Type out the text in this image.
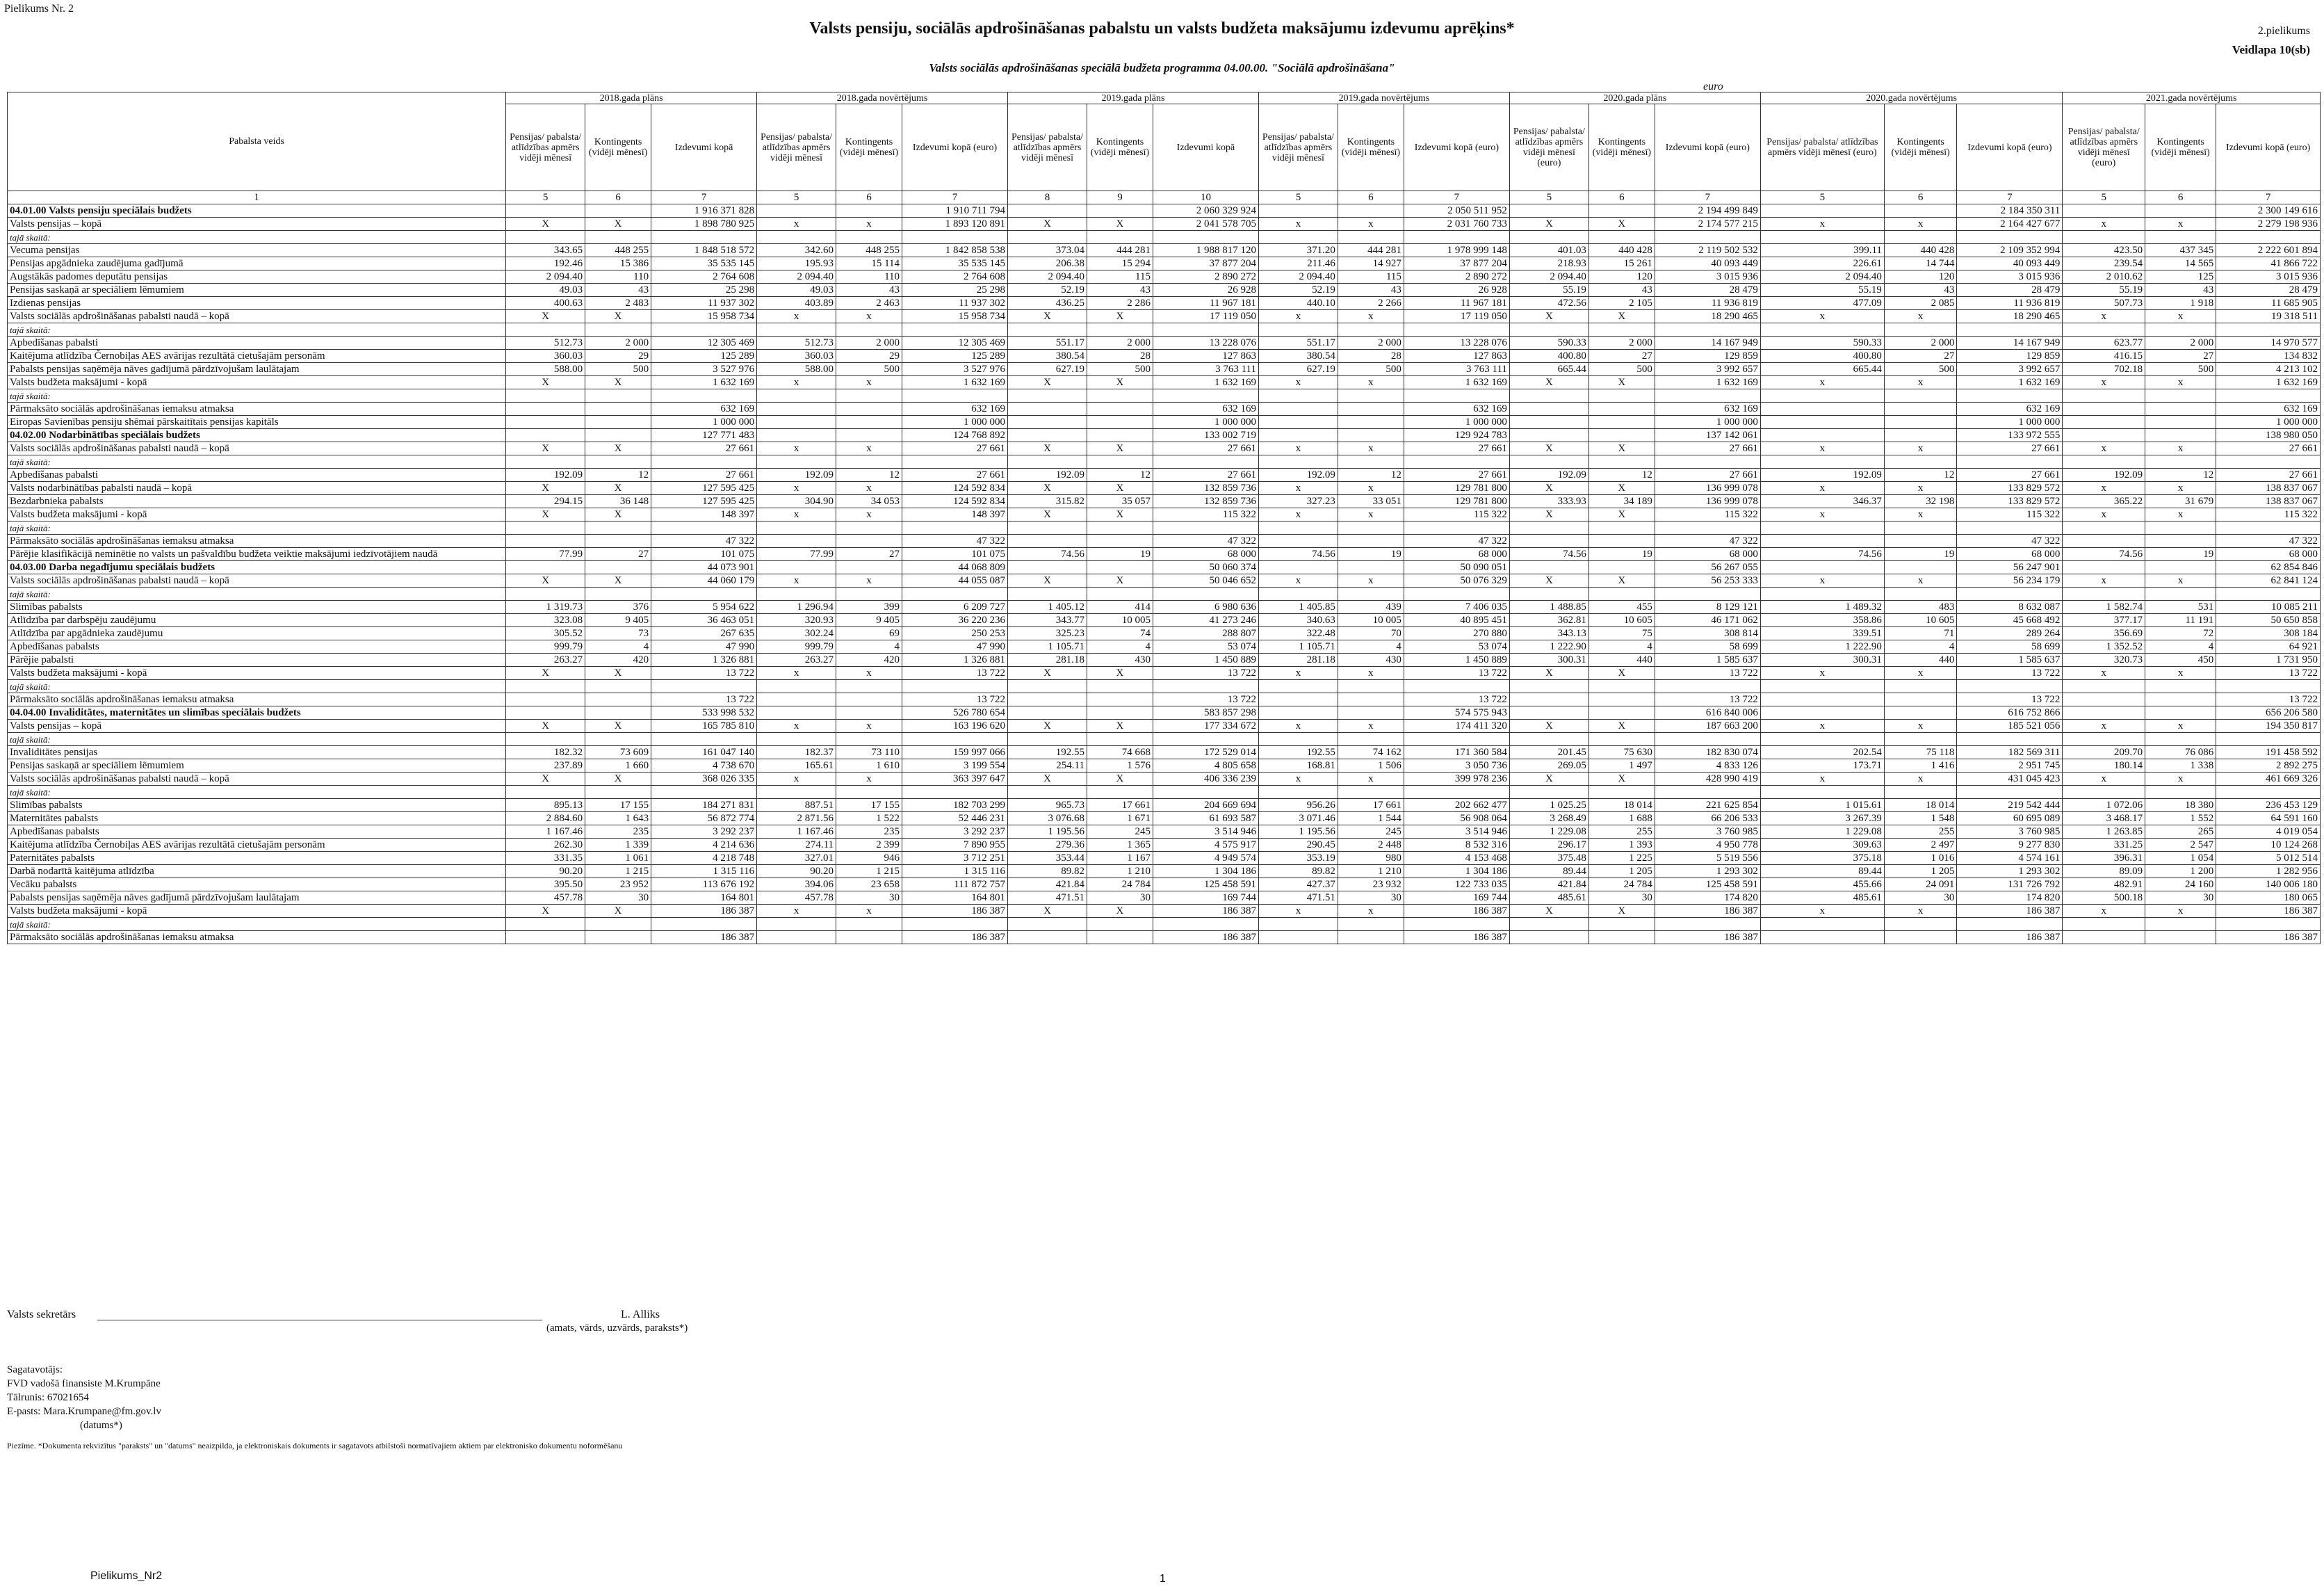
Pielikums Nr. 2
Valsts pensiju, sociālās apdrošināšanas pabalstu un valsts budžeta maksājumu izdevumu aprēķins*	2.pielikums
Veidlapa 10(sb)
Valsts sociālās apdrošināšanas speciālā budžeta programma 04.00.00. "Sociālā apdrošināšana"
euro
Pabalsta veids	2018.gada plāns			2018.gada novērtējums			2019.gada plāns			2019.gada novērtējums			2020.gada plāns			2020.gada novērtējums			2021.gada novērtējums		
	Pensijas/ pabalsta/ atlīdzības apmērs vidēji mēnesī	Kontingents (vidēji mēnesī)	Izdevumi kopā	Pensijas/ pabalsta/ atlīdzības apmērs vidēji mēnesī	Kontingents (vidēji mēnesī)	Izdevumi kopā (euro)	Pensijas/ pabalsta/ atlīdzības apmērs vidēji mēnesī	Kontingents (vidēji mēnesī)	Izdevumi kopā	Pensijas/ pabalsta/ atlīdzības apmērs vidēji mēnesī	Kontingents (vidēji mēnesī)	Izdevumi kopā (euro)	Pensijas/ pabalsta/ atlīdzības apmērs vidēji mēnesī (euro)	Kontingents (vidēji mēnesī)	Izdevumi kopā (euro)	Pensijas/ pabalsta/ atlīdzības apmērs vidēji mēnesī (euro)	Kontingents (vidēji mēnesī)	Izdevumi kopā (euro)	Pensijas/ pabalsta/ atlīdzības apmērs vidēji mēnesī (euro)	Kontingents (vidēji mēnesī)	Izdevumi kopā (euro)
1	5	6	7	5	6	7	8	9	10	5	6	7	5	6	7	5	6	7	5	6	7
04.01.00 Valsts pensiju speciālais budžets			1 916 371 828			1 910 711 794			2 060 329 924			2 050 511 952			2 194 499 849			2 184 350 311			2 300 149 616
Valsts pensijas – kopā	X	X	1 898 780 925	x	x	1 893 120 891	X	X	2 041 578 705	x	x	2 031 760 733	X	X	2 174 577 215	x	x	2 164 427 677	x	x	2 279 198 936
tajā skaitā:																					
Vecuma pensijas	343.65	448 255	1 848 518 572	342.60	448 255	1 842 858 538	373.04	444 281	1 988 817 120	371.20	444 281	1 978 999 148	401.03	440 428	2 119 502 532	399.11	440 428	2 109 352 994	423.50	437 345	2 222 601 894
Pensijas apgādnieka zaudējuma gadījumā	192.46	15 386	35 535 145	195.93	15 114	35 535 145	206.38	15 294	37 877 204	211.46	14 927	37 877 204	218.93	15 261	40 093 449	226.61	14 744	40 093 449	239.54	14 565	41 866 722
Augstākās padomes deputātu pensijas	2 094.40	110	2 764 608	2 094.40	110	2 764 608	2 094.40	115	2 890 272	2 094.40	115	2 890 272	2 094.40	120	3 015 936	2 094.40	120	3 015 936	2 010.62	125	3 015 936
Pensijas saskaņā ar speciāliem lēmumiem	49.03	43	25 298	49.03	43	25 298	52.19	43	26 928	52.19	43	26 928	55.19	43	28 479	55.19	43	28 479	55.19	43	28 479
Izdienas pensijas	400.63	2 483	11 937 302	403.89	2 463	11 937 302	436.25	2 286	11 967 181	440.10	2 266	11 967 181	472.56	2 105	11 936 819	477.09	2 085	11 936 819	507.73	1 918	11 685 905
Valsts sociālās apdrošināšanas pabalsti naudā – kopā	X	X	15 958 734	x	x	15 958 734	X	X	17 119 050	x	x	17 119 050	X	X	18 290 465	x	x	18 290 465	x	x	19 318 511
tajā skaitā:																					
Apbedīšanas pabalsti	512.73	2 000	12 305 469	512.73	2 000	12 305 469	551.17	2 000	13 228 076	551.17	2 000	13 228 076	590.33	2 000	14 167 949	590.33	2 000	14 167 949	623.77	2 000	14 970 577
Kaitējuma atlīdzība Černobiļas AES avārijas rezultātā cietušajām personām	360.03	29	125 289	360.03	29	125 289	380.54	28	127 863	380.54	28	127 863	400.80	27	129 859	400.80	27	129 859	416.15	27	134 832
Pabalsts pensijas saņēmēja nāves gadījumā pārdzīvojušam laulātajam	588.00	500	3 527 976	588.00	500	3 527 976	627.19	500	3 763 111	627.19	500	3 763 111	665.44	500	3 992 657	665.44	500	3 992 657	702.18	500	4 213 102
Valsts budžeta maksājumi - kopā	X	X	1 632 169	x	x	1 632 169	X	X	1 632 169	x	x	1 632 169	X	X	1 632 169	x	x	1 632 169	x	x	1 632 169
tajā skaitā:																					
Pārmaksāto sociālās apdrošināšanas iemaksu atmaksa			632 169			632 169			632 169			632 169			632 169			632 169			632 169
Eiropas Savienības pensiju shēmai pārskaitītais pensijas kapitāls			1 000 000			1 000 000			1 000 000			1 000 000			1 000 000			1 000 000			1 000 000
04.02.00 Nodarbinātības speciālais budžets			127 771 483			124 768 892			133 002 719			129 924 783			137 142 061			133 972 555			138 980 050
Valsts sociālās apdrošināšanas pabalsti naudā – kopā	X	X	27 661	x	x	27 661	X	X	27 661	x	x	27 661	X	X	27 661	x	x	27 661	x	x	27 661
tajā skaitā:																					
Apbedīšanas pabalsti	192.09	12	27 661	192.09	12	27 661	192.09	12	27 661	192.09	12	27 661	192.09	12	27 661	192.09	12	27 661	192.09	12	27 661
Valsts nodarbinātības pabalsti naudā – kopā	X	X	127 595 425	x	x	124 592 834	X	X	132 859 736	x	x	129 781 800	X	X	136 999 078	x	x	133 829 572	x	x	138 837 067
Bezdarbnieka pabalsts	294.15	36 148	127 595 425	304.90	34 053	124 592 834	315.82	35 057	132 859 736	327.23	33 051	129 781 800	333.93	34 189	136 999 078	346.37	32 198	133 829 572	365.22	31 679	138 837 067
Valsts budžeta maksājumi - kopā	X	X	148 397	x	x	148 397	X	X	115 322	x	x	115 322	X	X	115 322	x	x	115 322	x	x	115 322
tajā skaitā:																					
Pārmaksāto sociālās apdrošināšanas iemaksu atmaksa			47 322			47 322			47 322			47 322			47 322			47 322			47 322
Pārējie klasifikācijā neminētie no valsts un pašvaldību budžeta veiktie maksājumi iedzīvotājiem naudā	77.99	27	101 075	77.99	27	101 075	74.56	19	68 000	74.56	19	68 000	74.56	19	68 000	74.56	19	68 000	74.56	19	68 000
04.03.00 Darba negadījumu speciālais budžets			44 073 901			44 068 809			50 060 374			50 090 051			56 267 055			56 247 901			62 854 846
Valsts sociālās apdrošināšanas pabalsti naudā – kopā	X	X	44 060 179	x	x	44 055 087	X	X	50 046 652	x	x	50 076 329	X	X	56 253 333	x	x	56 234 179	x	x	62 841 124
tajā skaitā:																					
Slimības pabalsts	1 319.73	376	5 954 622	1 296.94	399	6 209 727	1 405.12	414	6 980 636	1 405.85	439	7 406 035	1 488.85	455	8 129 121	1 489.32	483	8 632 087	1 582.74	531	10 085 211
Atlīdzība par darbspēju zaudējumu	323.08	9 405	36 463 051	320.93	9 405	36 220 236	343.77	10 005	41 273 246	340.63	10 005	40 895 451	362.81	10 605	46 171 062	358.86	10 605	45 668 492	377.17	11 191	50 650 858
Atlīdzība par apgādnieka zaudējumu	305.52	73	267 635	302.24	69	250 253	325.23	74	288 807	322.48	70	270 880	343.13	75	308 814	339.51	71	289 264	356.69	72	308 184
Apbedīšanas pabalsts	999.79	4	47 990	999.79	4	47 990	1 105.71	4	53 074	1 105.71	4	53 074	1 222.90	4	58 699	1 222.90	4	58 699	1 352.52	4	64 921
Pārējie pabalsti	263.27	420	1 326 881	263.27	420	1 326 881	281.18	430	1 450 889	281.18	430	1 450 889	300.31	440	1 585 637	300.31	440	1 585 637	320.73	450	1 731 950
Valsts budžeta maksājumi - kopā	X	X	13 722	x	x	13 722	X	X	13 722	x	x	13 722	X	X	13 722	x	x	13 722	x	x	13 722
tajā skaitā:																					
Pārmaksāto sociālās apdrošināšanas iemaksu atmaksa			13 722			13 722			13 722			13 722			13 722			13 722			13 722
04.04.00 Invaliditātes, maternitātes un slimības speciālais budžets			533 998 532			526 780 654			583 857 298			574 575 943			616 840 006			616 752 866			656 206 580
Valsts pensijas – kopā	X	X	165 785 810	x	x	163 196 620	X	X	177 334 672	x	x	174 411 320	X	X	187 663 200	x	x	185 521 056	x	x	194 350 817
tajā skaitā:																					
Invaliditātes pensijas	182.32	73 609	161 047 140	182.37	73 110	159 997 066	192.55	74 668	172 529 014	192.55	74 162	171 360 584	201.45	75 630	182 830 074	202.54	75 118	182 569 311	209.70	76 086	191 458 592
Pensijas saskaņā ar speciāliem lēmumiem	237.89	1 660	4 738 670	165.61	1 610	3 199 554	254.11	1 576	4 805 658	168.81	1 506	3 050 736	269.05	1 497	4 833 126	173.71	1 416	2 951 745	180.14	1 338	2 892 275
Valsts sociālās apdrošināšanas pabalsti naudā – kopā	X	X	368 026 335	x	x	363 397 647	X	X	406 336 239	x	x	399 978 236	X	X	428 990 419	x	x	431 045 423	x	x	461 669 326
tajā skaitā:																					
Slimības pabalsts	895.13	17 155	184 271 831	887.51	17 155	182 703 299	965.73	17 661	204 669 694	956.26	17 661	202 662 477	1 025.25	18 014	221 625 854	1 015.61	18 014	219 542 444	1 072.06	18 380	236 453 129
Maternitātes pabalsts	2 884.60	1 643	56 872 774	2 871.56	1 522	52 446 231	3 076.68	1 671	61 693 587	3 071.46	1 544	56 908 064	3 268.49	1 688	66 206 533	3 267.39	1 548	60 695 089	3 468.17	1 552	64 591 160
Apbedīšanas pabalsts	1 167.46	235	3 292 237	1 167.46	235	3 292 237	1 195.56	245	3 514 946	1 195.56	245	3 514 946	1 229.08	255	3 760 985	1 229.08	255	3 760 985	1 263.85	265	4 019 054
Kaitējuma atlīdzība Černobiļas AES avārijas rezultātā cietušajām personām	262.30	1 339	4 214 636	274.11	2 399	7 890 955	279.36	1 365	4 575 917	290.45	2 448	8 532 316	296.17	1 393	4 950 778	309.63	2 497	9 277 830	331.25	2 547	10 124 268
Paternitātes pabalsts	331.35	1 061	4 218 748	327.01	946	3 712 251	353.44	1 167	4 949 574	353.19	980	4 153 468	375.48	1 225	5 519 556	375.18	1 016	4 574 161	396.31	1 054	5 012 514
Darbā nodarītā kaitējuma atlīdzība	90.20	1 215	1 315 116	90.20	1 215	1 315 116	89.82	1 210	1 304 186	89.82	1 210	1 304 186	89.44	1 205	1 293 302	89.44	1 205	1 293 302	89.09	1 200	1 282 956
Vecāku pabalsts	395.50	23 952	113 676 192	394.06	23 658	111 872 757	421.84	24 784	125 458 591	427.37	23 932	122 733 035	421.84	24 784	125 458 591	455.66	24 091	131 726 792	482.91	24 160	140 006 180
Pabalsts pensijas saņēmēja nāves gadījumā pārdzīvojušam laulātajam	457.78	30	164 801	457.78	30	164 801	471.51	30	169 744	471.51	30	169 744	485.61	30	174 820	485.61	30	174 820	500.18	30	180 065
Valsts budžeta maksājumi - kopā	X	X	186 387	x	x	186 387	X	X	186 387	x	x	186 387	X	X	186 387	x	x	186 387	x	x	186 387
tajā skaitā:																					
Pārmaksāto sociālās apdrošināšanas iemaksu atmaksa			186 387			186 387			186 387			186 387			186 387			186 387			186 387
Valsts sekretārs	L. Alliks
(amats, vārds, uzvārds, paraksts*)
Sagatavotājs:
FVD vadošā finansiste M.Krumpāne
Tālrunis: 67021654
E-pasts: Mara.Krumpane@fm.gov.lv
(datums*)
Piezīme. *Dokumenta rekvizītus "paraksts" un "datums" neaizpilda, ja elektroniskais dokuments ir sagatavots atbilstoši normatīvajiem aktiem par elektronisko dokumentu noformēšanu
Pielikums_Nr2	1
